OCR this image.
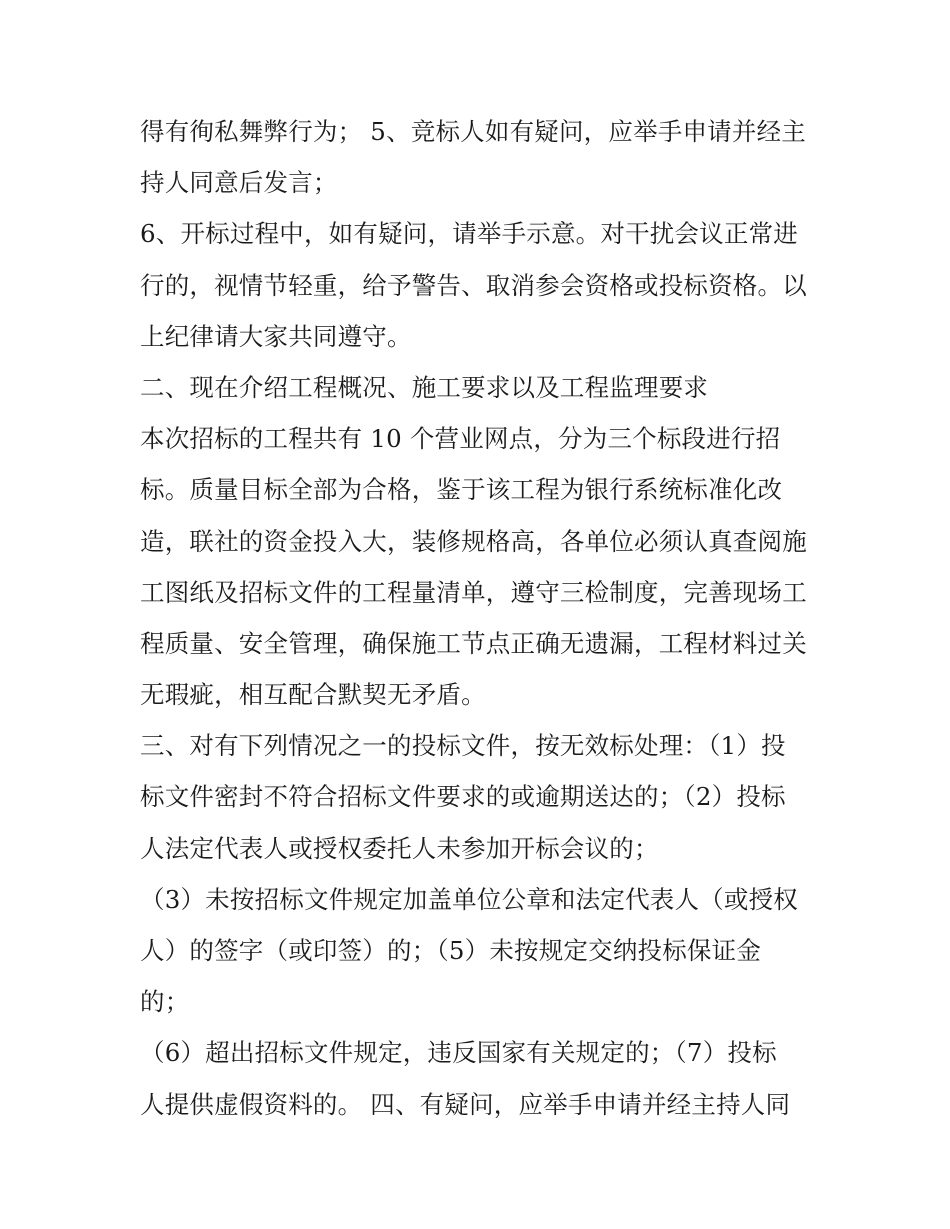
得有徇私舞弊行为； 5、竞标人如有疑问，应举手申请并经主
持人同意后发言；
6、开标过程中，如有疑问，请举手示意。对干扰会议正常进
行的，视情节轻重，给予警告、取消参会资格或投标资格。以
上纪律请大家共同遵守。
二、现在介绍工程概况、施工要求以及工程监理要求
本次招标的工程共有 10 个营业网点，分为三个标段进行招
标。质量目标全部为合格，鉴于该工程为银行系统标准化改
造，联社的资金投入大，装修规格高，各单位必须认真查阅施
工图纸及招标文件的工程量清单，遵守三检制度，完善现场工
程质量、安全管理，确保施工节点正确无遗漏，工程材料过关
无瑕疵，相互配合默契无矛盾。
三、对有下列情况之一的投标文件，按无效标处理：（1）投
标文件密封不符合招标文件要求的或逾期送达的；（2）投标
人法定代表人或授权委托人未参加开标会议的；
（3）未按招标文件规定加盖单位公章和法定代表人（或授权
人）的签字（或印签）的；（5）未按规定交纳投标保证金
的；
（6）超出招标文件规定，违反国家有关规定的；（7）投标
人提供虚假资料的。 四、有疑问，应举手申请并经主持人同
